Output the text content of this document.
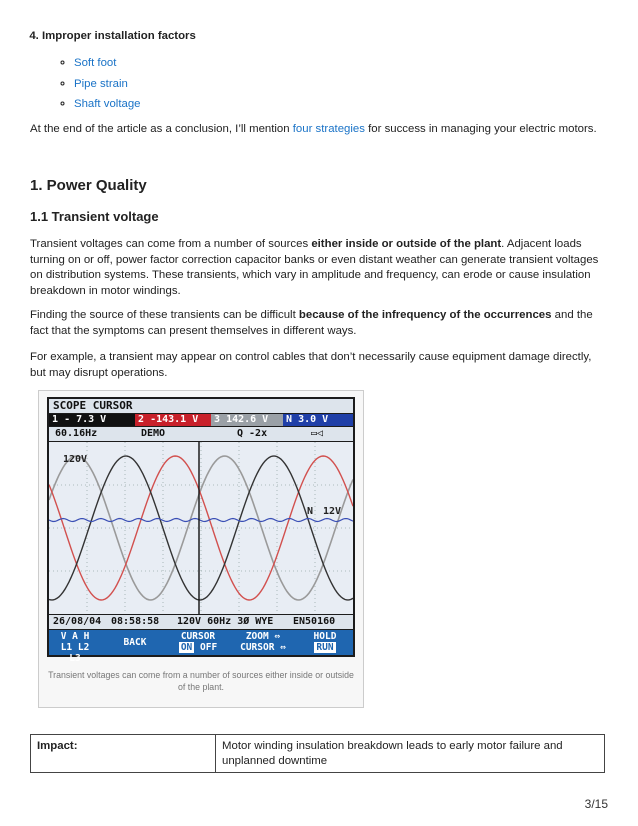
4. Improper installation factors
◦ Soft foot
◦ Pipe strain
◦ Shaft voltage

At the end of the article as a conclusion, I’ll mention four strategies for success in managing your electric motors.

1. Power Quality
1.1 Transient voltage

Transient voltages can come from a number of sources either inside or outside of the plant. Adjacent loads turning on or off, power factor correction capacitor banks or even distant weather can generate transient voltages on distribution systems. These transients, which vary in amplitude and frequency, can erode or cause insulation breakdown in motor windings.

Finding the source of these transients can be difficult because of the infrequency of the occurrences and the fact that the symptoms can present themselves in different ways.

For example, a transient may appear on control cables that don’t necessarily cause equipment damage directly, but may disrupt operations.

SCOPE CURSOR
1 - 7.3 V	2 -143.1 V	3 142.6 V	N 3.0 V
60.16Hz	DEMO	Q -2x	▭◁
120V
N 12V
26/08/04 08:58:58 120V 60Hz 3Ø WYE EN50160
V A H
L1 L2 L3
BACK
CURSOR
ON OFF
ZOOM ⇔
CURSOR ⇔
HOLD
RUN
Transient voltages can come from a number of sources either inside or outside of the plant.
Impact:	Motor winding insulation breakdown leads to early motor failure and unplanned downtime
3/15
